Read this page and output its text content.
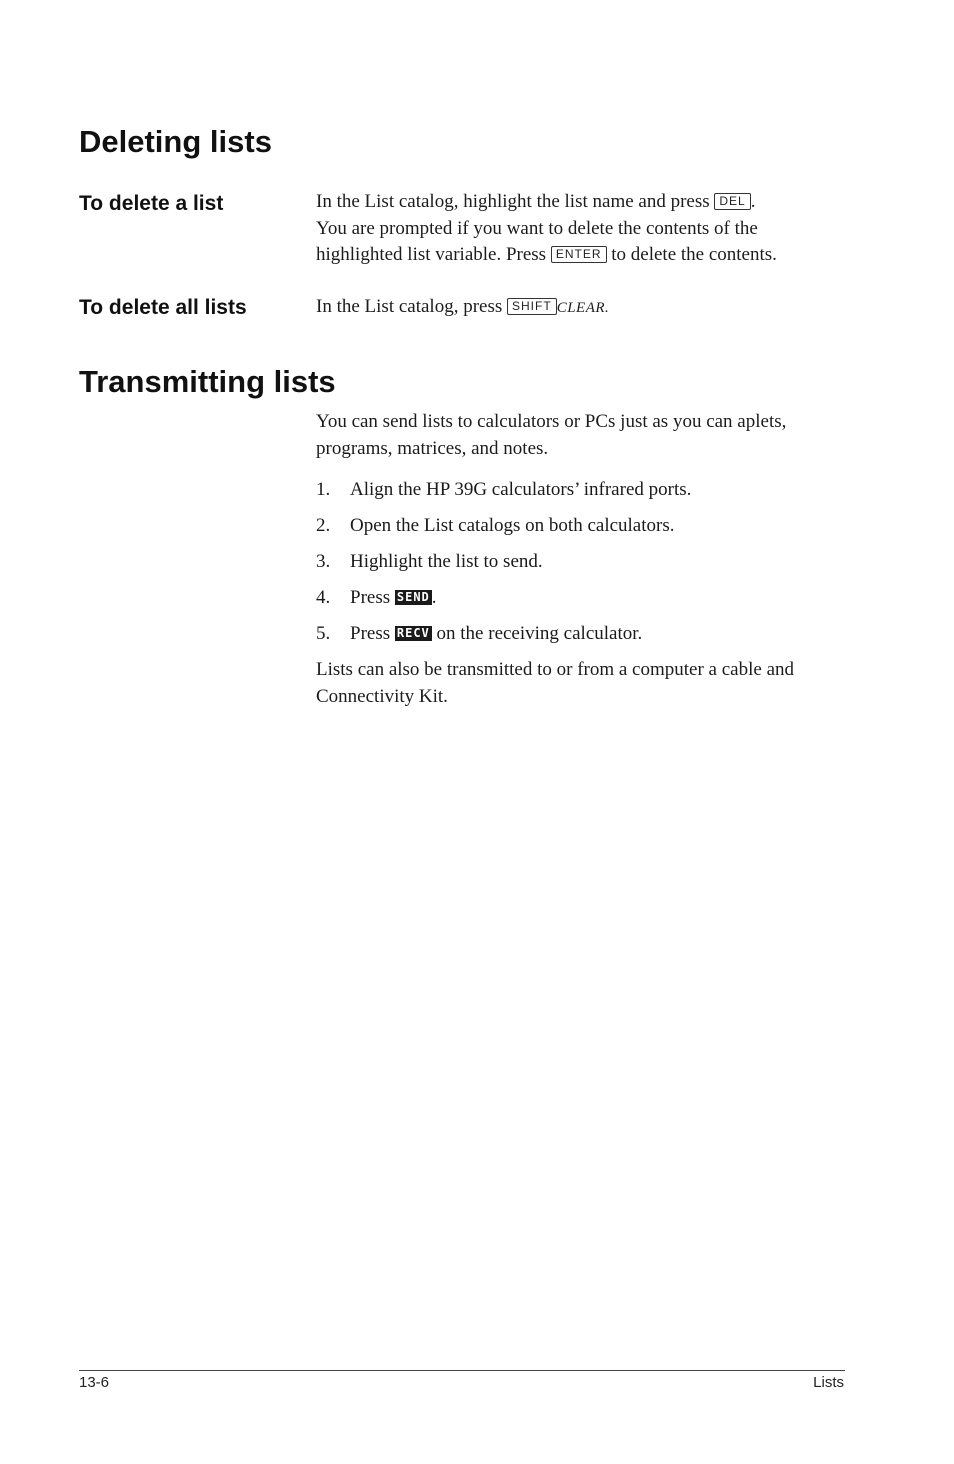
Deleting lists
To delete a list	In the List catalog, highlight the list name and press DEL .
You are prompted if you want to delete the contents of the
highlighted list variable. Press ENTER to delete the contents.
To delete all lists	In the List catalog, press SHIFT CLEAR.
Transmitting lists
You can send lists to calculators or PCs just as you can aplets,
programs, matrices, and notes.
1. Align the HP 39G calculators’ infrared ports.
2. Open the List catalogs on both calculators.
3. Highlight the list to send.
4. Press SEND .
5. Press RECV on the receiving calculator.
Lists can also be transmitted to or from a computer a cable and
Connectivity Kit.
13-6	Lists
